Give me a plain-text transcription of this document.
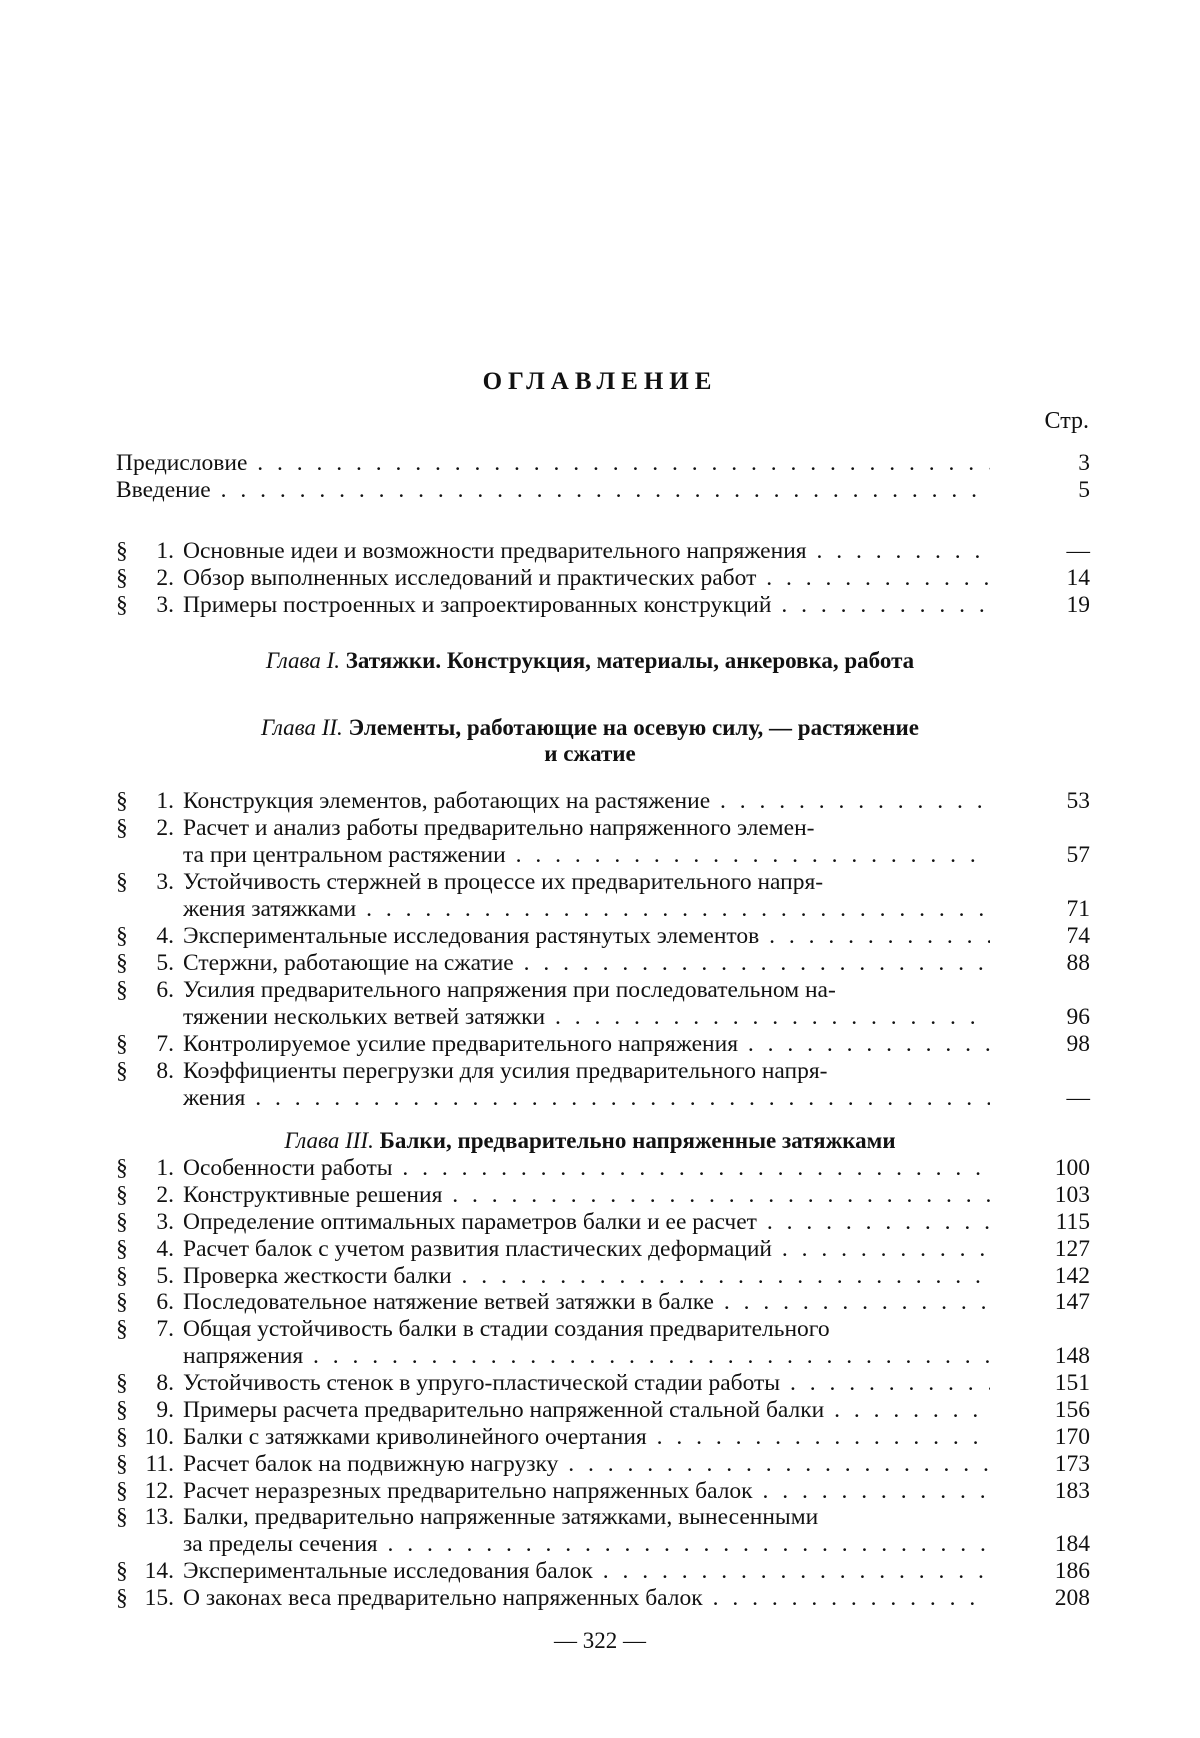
ОГЛАВЛЕНИЕ
Стр.
Предисловие . . .	3
Введение . . .	5
§	1. Основные идеи и возможности предварительного напряжения . . .	—
§	2. Обзор выполненных исследований и практических работ . . .	14
§	3. Примеры построенных и запроектированных конструкций . . .	19
Глава I. Затяжки. Конструкция, материалы, анкеровка, работа
Глава II. Элементы, работающие на осевую силу, — растяжение
и сжатие
§	1. Конструкция элементов, работающих на растяжение . . .	53
§	2. Расчет и анализ работы предварительно напряженного элемен-
та при центральном растяжении . . .	57
§	3. Устойчивость стержней в процессе их предварительного напря-
жения затяжками . . .	71
§	4. Экспериментальные исследования растянутых элементов . . .	74
§	5. Стержни, работающие на сжатие . . .	88
§	6. Усилия предварительного напряжения при последовательном на-
тяжении нескольких ветвей затяжки . . .	96
§	7. Контролируемое усилие предварительного напряжения . . .	98
§	8. Коэффициенты перегрузки для усилия предварительного напря-
жения . . .	—
Глава III. Балки, предварительно напряженные затяжками
§	1. Особенности работы . . .	100
§	2. Конструктивные решения . . .	103
§	3. Определение оптимальных параметров балки и ее расчет . . .	115
§	4. Расчет балок с учетом развития пластических деформаций . . .	127
§	5. Проверка жесткости балки . . .	142
§	6. Последовательное натяжение ветвей затяжки в балке . . .	147
§	7. Общая устойчивость балки в стадии создания предварительного
напряжения . . .	148
§	8. Устойчивость стенок в упруго-пластической стадии работы . . .	151
§	9. Примеры расчета предварительно напряженной стальной балки . . .	156
§ 10. Балки с затяжками криволинейного очертания . . .	170
§ 11. Расчет балок на подвижную нагрузку . . .	173
§ 12. Расчет неразрезных предварительно напряженных балок . . .	183
§ 13. Балки, предварительно напряженные затяжками, вынесенными
за пределы сечения . . .	184
§ 14. Экспериментальные исследования балок . . .	186
§ 15. О законах веса предварительно напряженных балок . . .	208
— 322 —
